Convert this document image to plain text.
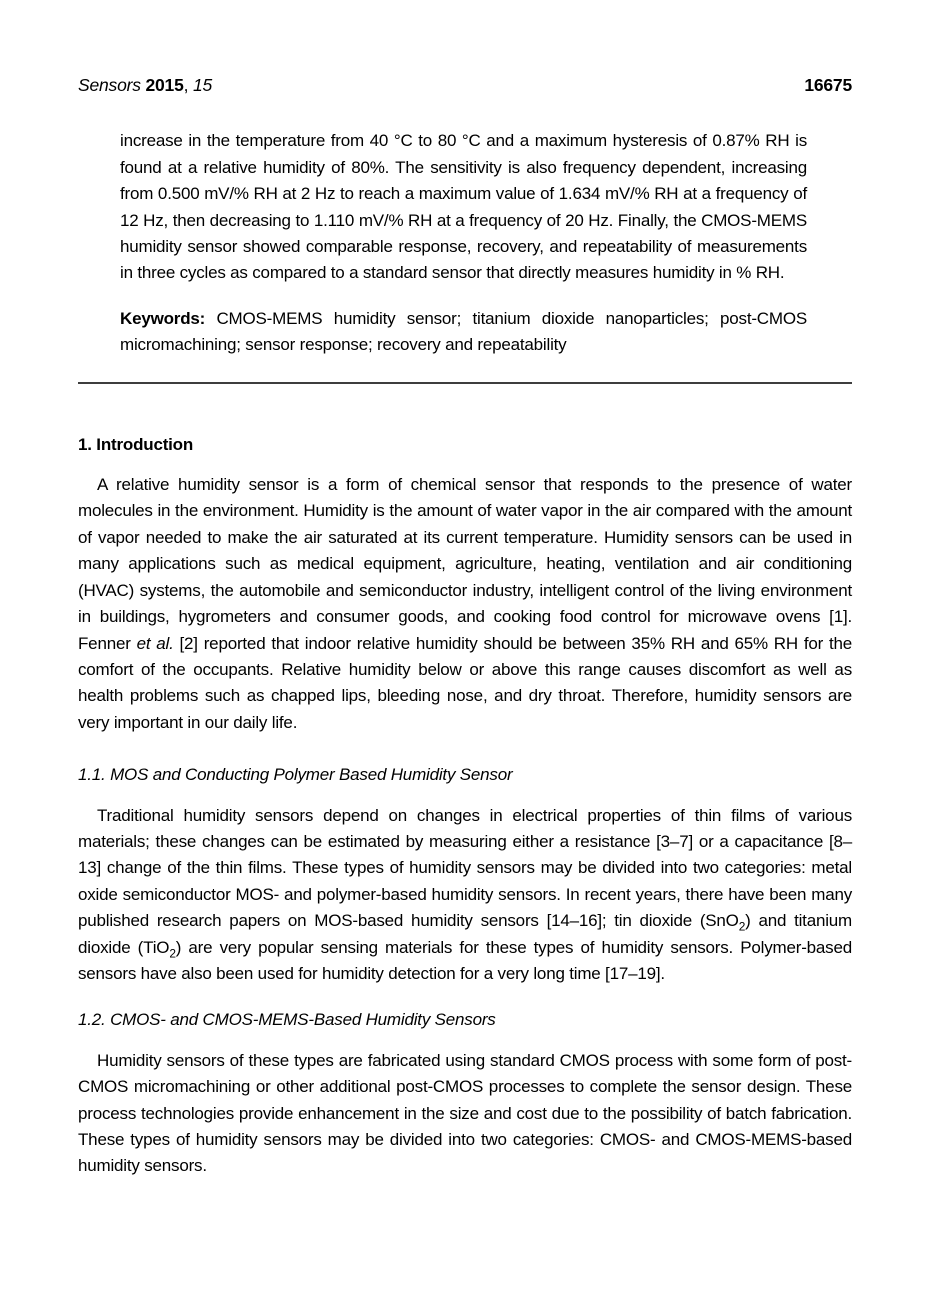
Sensors 2015, 15	16675

increase in the temperature from 40 °C to 80 °C and a maximum hysteresis of 0.87% RH is found at a relative humidity of 80%. The sensitivity is also frequency dependent, increasing from 0.500 mV/% RH at 2 Hz to reach a maximum value of 1.634 mV/% RH at a frequency of 12 Hz, then decreasing to 1.110 mV/% RH at a frequency of 20 Hz. Finally, the CMOS-MEMS humidity sensor showed comparable response, recovery, and repeatability of measurements in three cycles as compared to a standard sensor that directly measures humidity in % RH.

Keywords: CMOS-MEMS humidity sensor; titanium dioxide nanoparticles; post-CMOS micromachining; sensor response; recovery and repeatability

1. Introduction

A relative humidity sensor is a form of chemical sensor that responds to the presence of water molecules in the environment. Humidity is the amount of water vapor in the air compared with the amount of vapor needed to make the air saturated at its current temperature. Humidity sensors can be used in many applications such as medical equipment, agriculture, heating, ventilation and air conditioning (HVAC) systems, the automobile and semiconductor industry, intelligent control of the living environment in buildings, hygrometers and consumer goods, and cooking food control for microwave ovens [1]. Fenner et al. [2] reported that indoor relative humidity should be between 35% RH and 65% RH for the comfort of the occupants. Relative humidity below or above this range causes discomfort as well as health problems such as chapped lips, bleeding nose, and dry throat. Therefore, humidity sensors are very important in our daily life.

1.1. MOS and Conducting Polymer Based Humidity Sensor

Traditional humidity sensors depend on changes in electrical properties of thin films of various materials; these changes can be estimated by measuring either a resistance [3–7] or a capacitance [8–13] change of the thin films. These types of humidity sensors may be divided into two categories: metal oxide semiconductor MOS- and polymer-based humidity sensors. In recent years, there have been many published research papers on MOS-based humidity sensors [14–16]; tin dioxide (SnO$_2$) and titanium dioxide (TiO$_2$) are very popular sensing materials for these types of humidity sensors. Polymer-based sensors have also been used for humidity detection for a very long time [17–19].

1.2. CMOS- and CMOS-MEMS-Based Humidity Sensors

Humidity sensors of these types are fabricated using standard CMOS process with some form of post-CMOS micromachining or other additional post-CMOS processes to complete the sensor design. These process technologies provide enhancement in the size and cost due to the possibility of batch fabrication. These types of humidity sensors may be divided into two categories: CMOS- and CMOS-MEMS-based humidity sensors.
